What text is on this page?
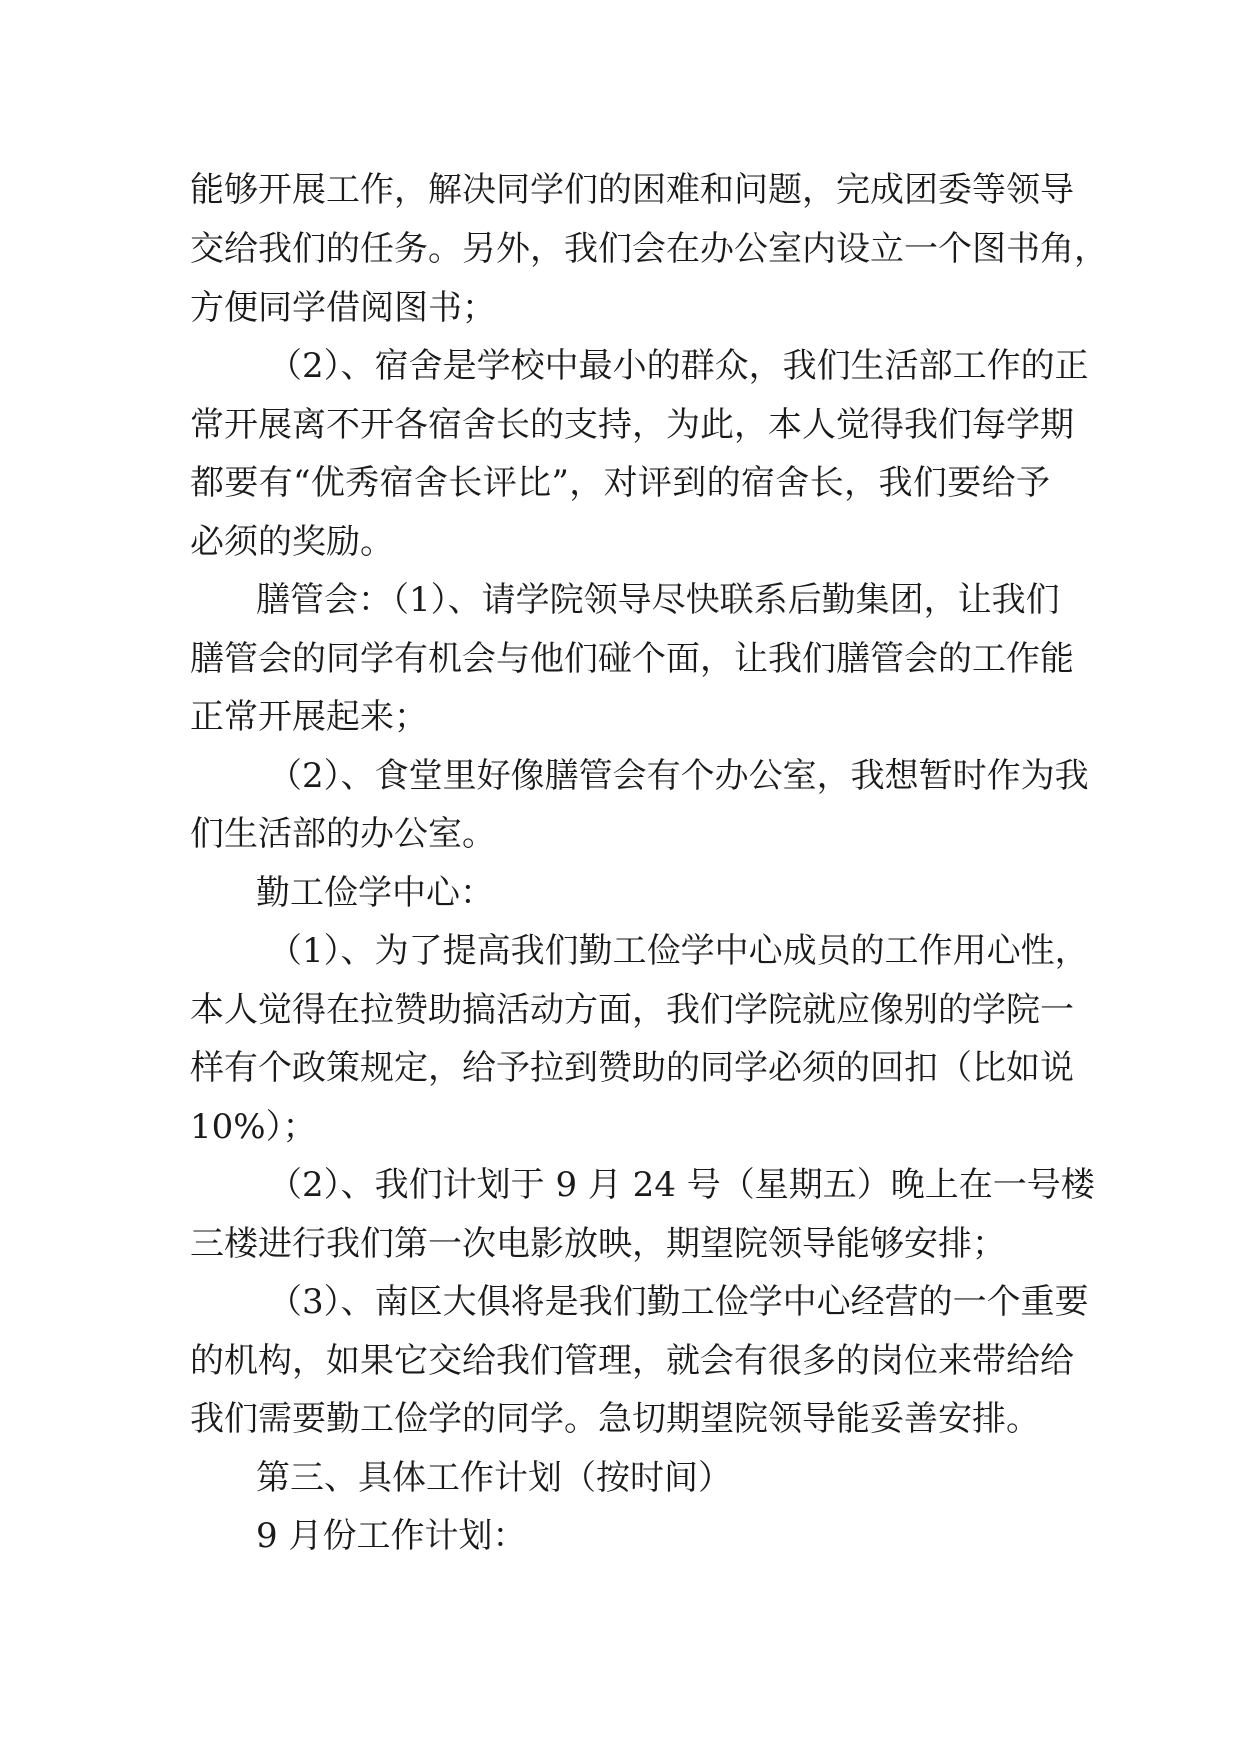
能够开展工作，解决同学们的困难和问题，完成团委等领导
交给我们的任务。另外，我们会在办公室内设立一个图书角，
方便同学借阅图书；
（2）、宿舍是学校中最小的群众，我们生活部工作的正
常开展离不开各宿舍长的支持，为此，本人觉得我们每学期
都要有“优秀宿舍长评比”，对评到的宿舍长，我们要给予
必须的奖励。
膳管会：（1）、请学院领导尽快联系后勤集团，让我们
膳管会的同学有机会与他们碰个面，让我们膳管会的工作能
正常开展起来；
（2）、食堂里好像膳管会有个办公室，我想暂时作为我
们生活部的办公室。
勤工俭学中心：
（1）、为了提高我们勤工俭学中心成员的工作用心性，
本人觉得在拉赞助搞活动方面，我们学院就应像别的学院一
样有个政策规定，给予拉到赞助的同学必须的回扣（比如说
10%）；
（2）、我们计划于 9 月 24 号（星期五）晚上在一号楼
三楼进行我们第一次电影放映，期望院领导能够安排；
（3）、南区大俱将是我们勤工俭学中心经营的一个重要
的机构，如果它交给我们管理，就会有很多的岗位来带给给
我们需要勤工俭学的同学。急切期望院领导能妥善安排。
第三、具体工作计划（按时间）
9 月份工作计划：
